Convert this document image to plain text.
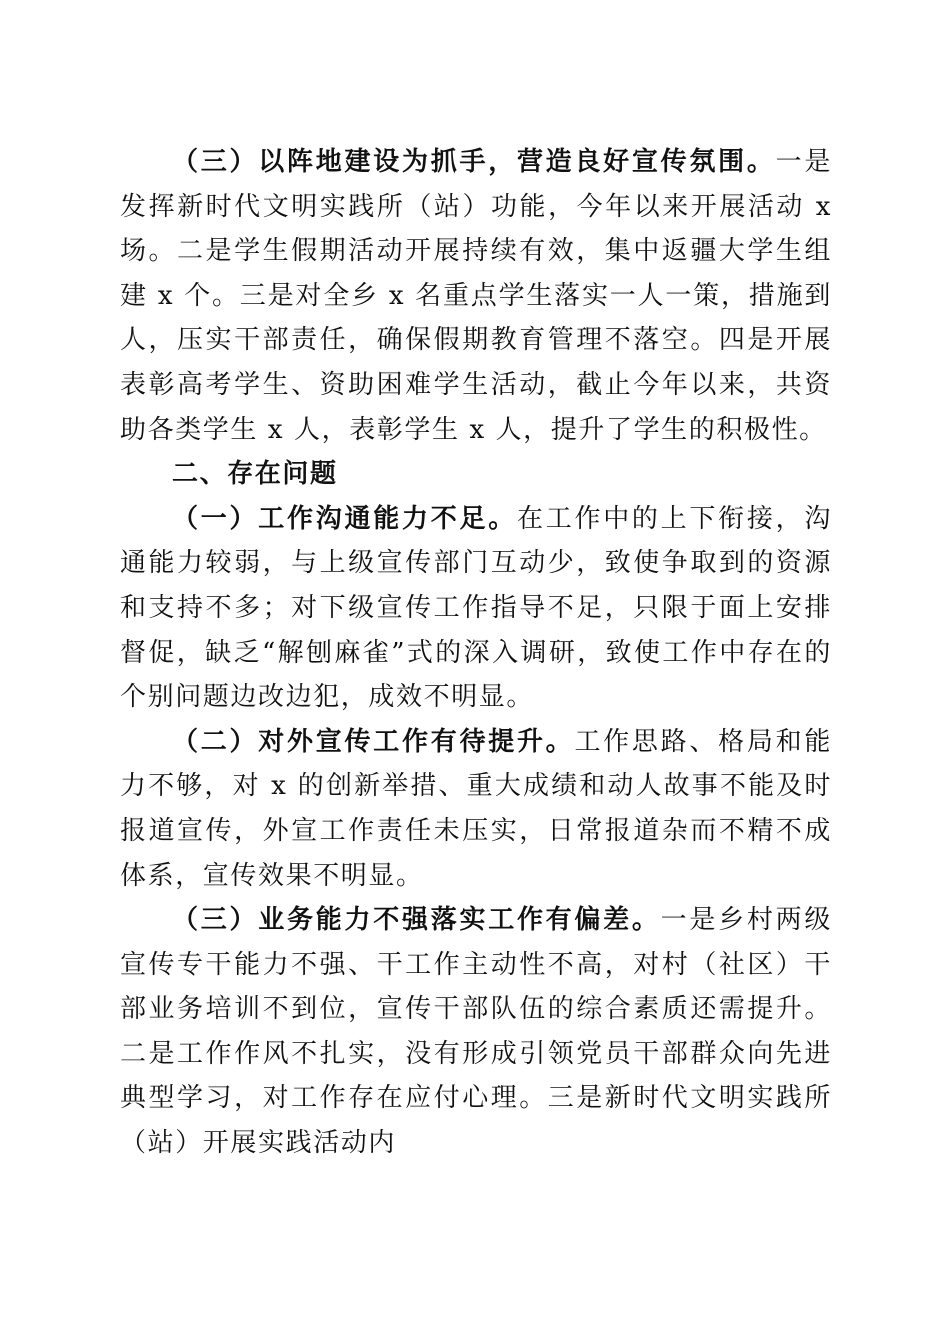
（三）以阵地建设为抓手，营造良好宣传氛围。一是发挥新时代文明实践所（站）功能，今年以来开展活动 x 场。二是学生假期活动开展持续有效，集中返疆大学生组建 x 个。三是对全乡 x 名重点学生落实一人一策，措施到人，压实干部责任，确保假期教育管理不落空。四是开展表彰高考学生、资助困难学生活动，截止今年以来，共资助各类学生 x 人，表彰学生 x 人，提升了学生的积极性。

二、存在问题

（一）工作沟通能力不足。在工作中的上下衔接，沟通能力较弱，与上级宣传部门互动少，致使争取到的资源和支持不多；对下级宣传工作指导不足，只限于面上安排督促，缺乏“解刨麻雀”式的深入调研，致使工作中存在的个别问题边改边犯，成效不明显。

（二）对外宣传工作有待提升。工作思路、格局和能力不够，对 x 的创新举措、重大成绩和动人故事不能及时报道宣传，外宣工作责任未压实，日常报道杂而不精不成体系，宣传效果不明显。

（三）业务能力不强落实工作有偏差。一是乡村两级宣传专干能力不强、干工作主动性不高，对村（社区）干部业务培训不到位，宣传干部队伍的综合素质还需提升。二是工作作风不扎实，没有形成引领党员干部群众向先进典型学习，对工作存在应付心理。三是新时代文明实践所（站）开展实践活动内
